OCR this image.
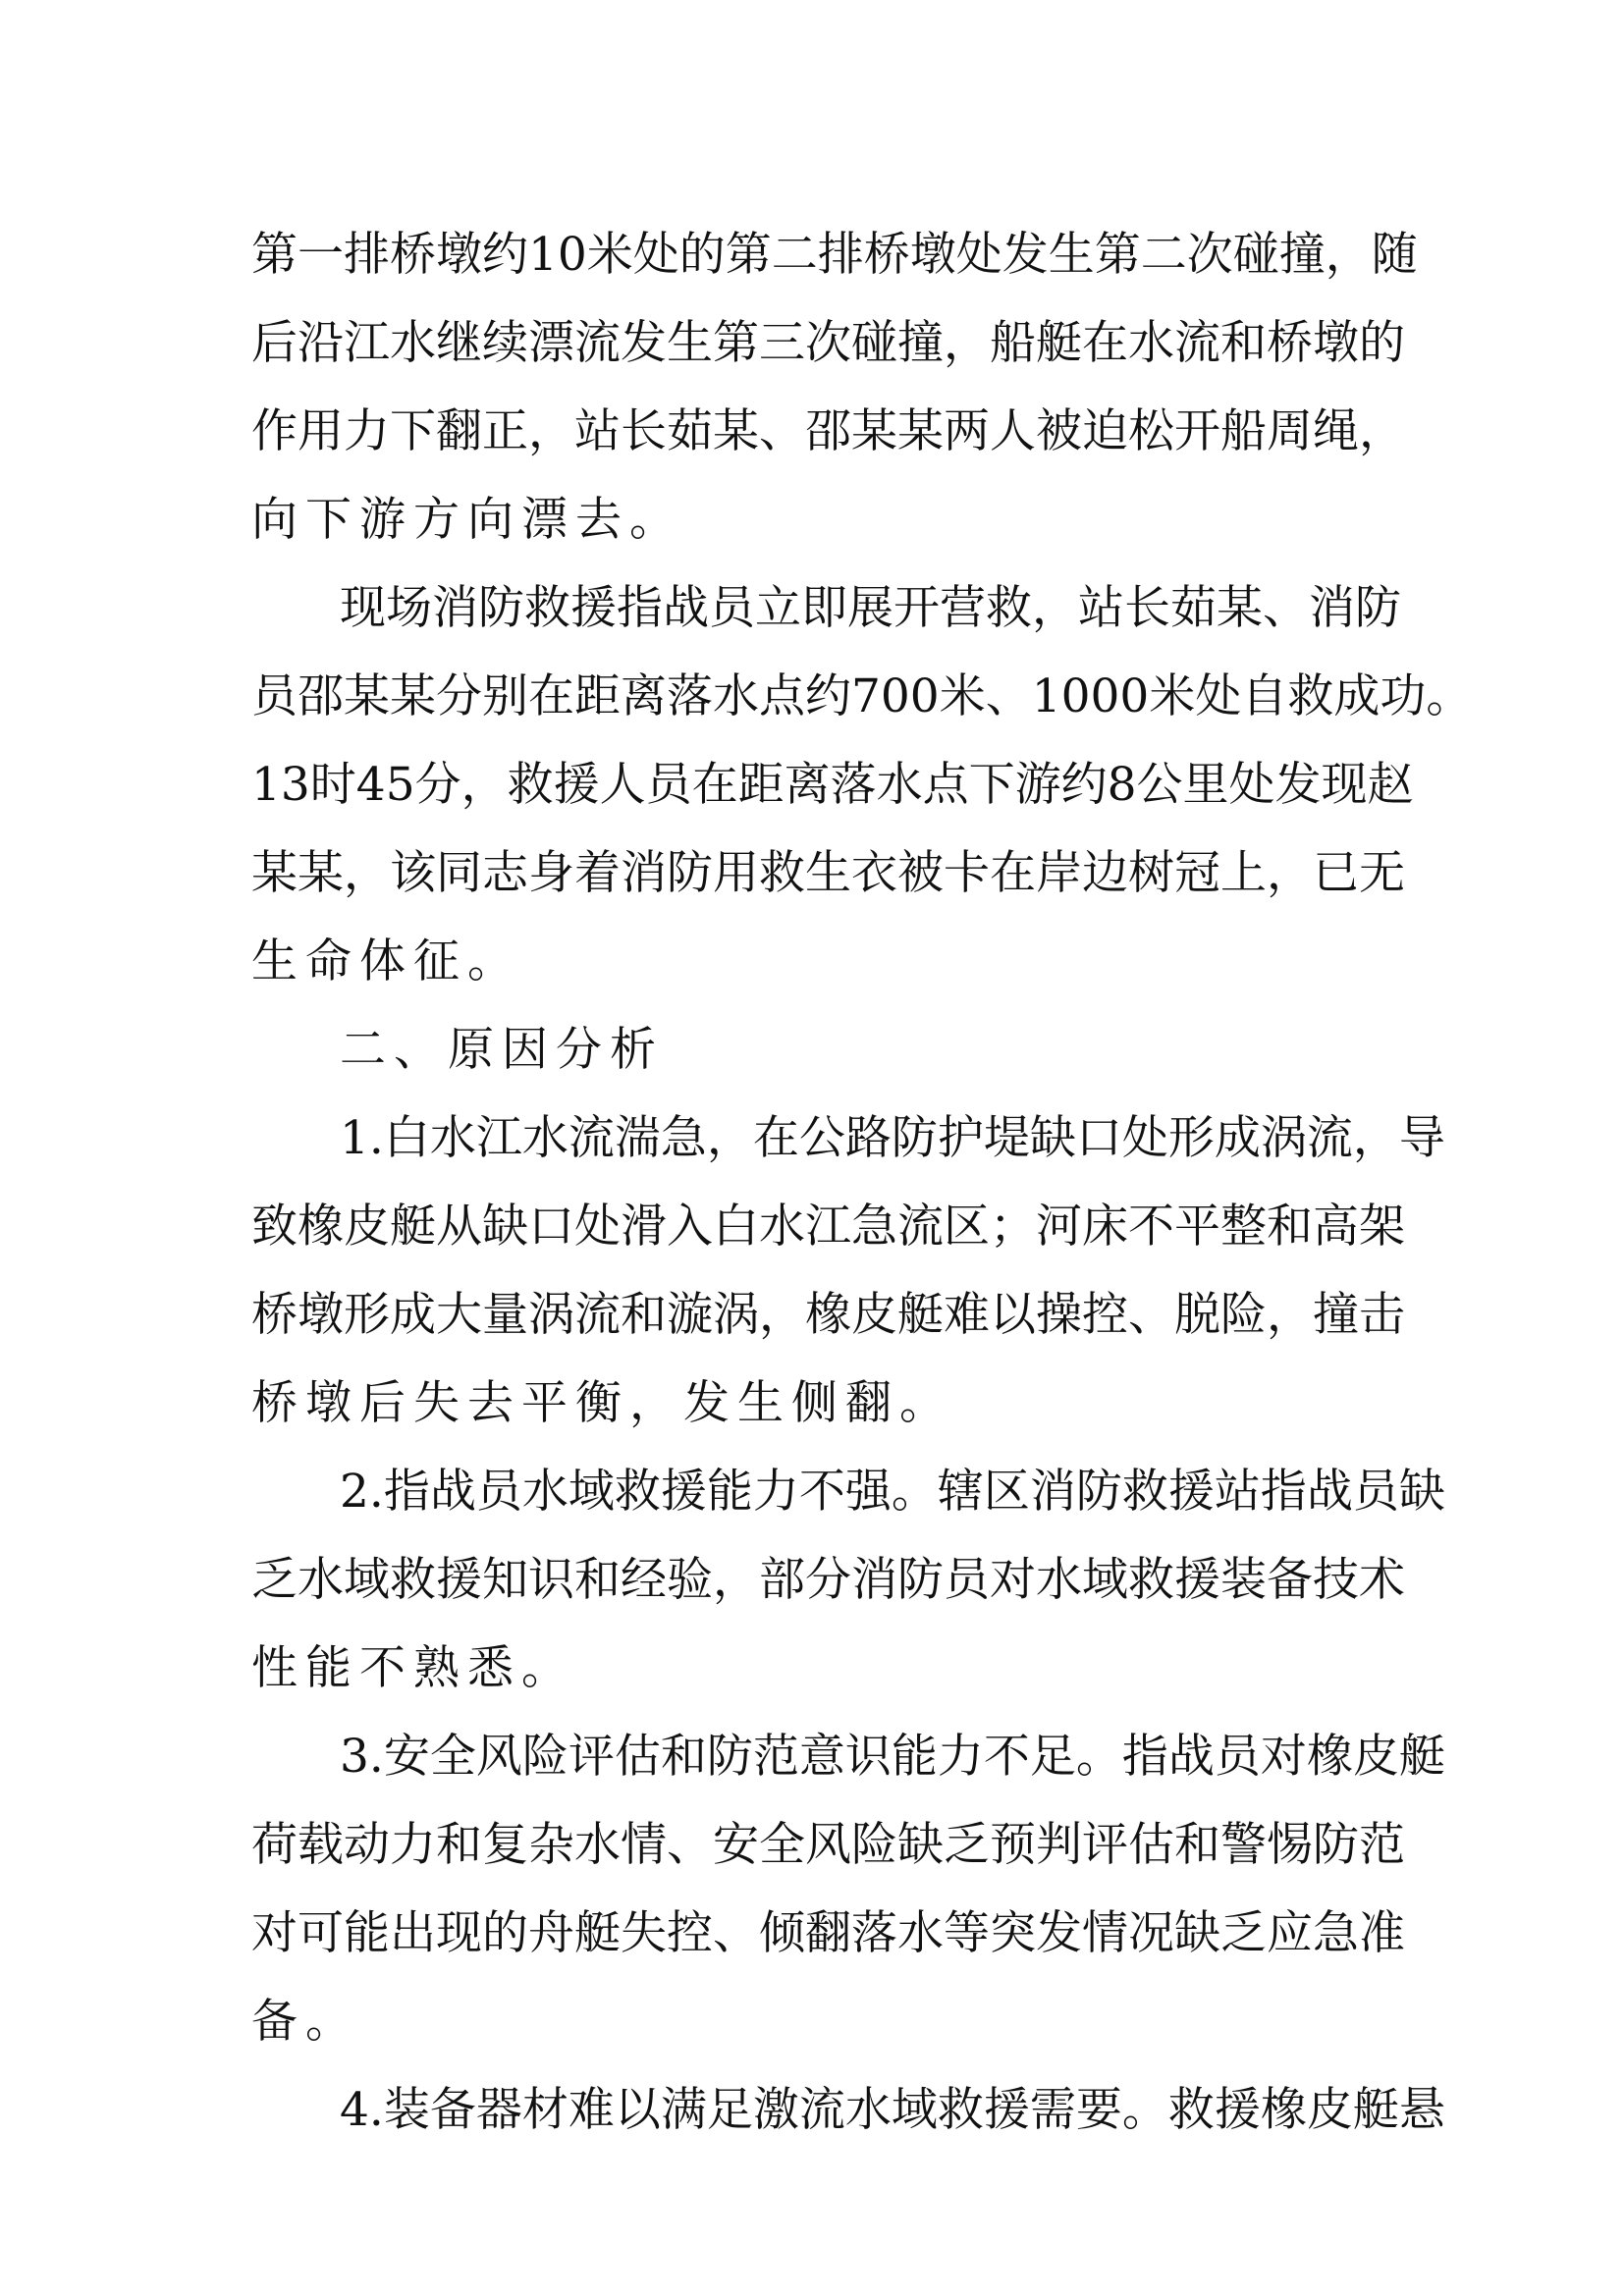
第一排桥墩约10米处的第二排桥墩处发生第二次碰撞，随
后沿江水继续漂流发生第三次碰撞，船艇在水流和桥墩的
作用力下翻正，站长茹某、邵某某两人被迫松开船周绳，
向下游方向漂去。
现场消防救援指战员立即展开营救，站长茹某、消防
员邵某某分别在距离落水点约700米、1000米处自救成功。
13时45分，救援人员在距离落水点下游约8公里处发现赵
某某，该同志身着消防用救生衣被卡在岸边树冠上，已无
生命体征。
二、原因分析
1.白水江水流湍急，在公路防护堤缺口处形成涡流，导
致橡皮艇从缺口处滑入白水江急流区；河床不平整和高架
桥墩形成大量涡流和漩涡，橡皮艇难以操控、脱险，撞击
桥墩后失去平衡，发生侧翻。
2.指战员水域救援能力不强。辖区消防救援站指战员缺
乏水域救援知识和经验，部分消防员对水域救援装备技术
性能不熟悉。
3.安全风险评估和防范意识能力不足。指战员对橡皮艇
荷载动力和复杂水情、安全风险缺乏预判评估和警惕防范
对可能出现的舟艇失控、倾翻落水等突发情况缺乏应急准
备。
4.装备器材难以满足激流水域救援需要。救援橡皮艇悬
